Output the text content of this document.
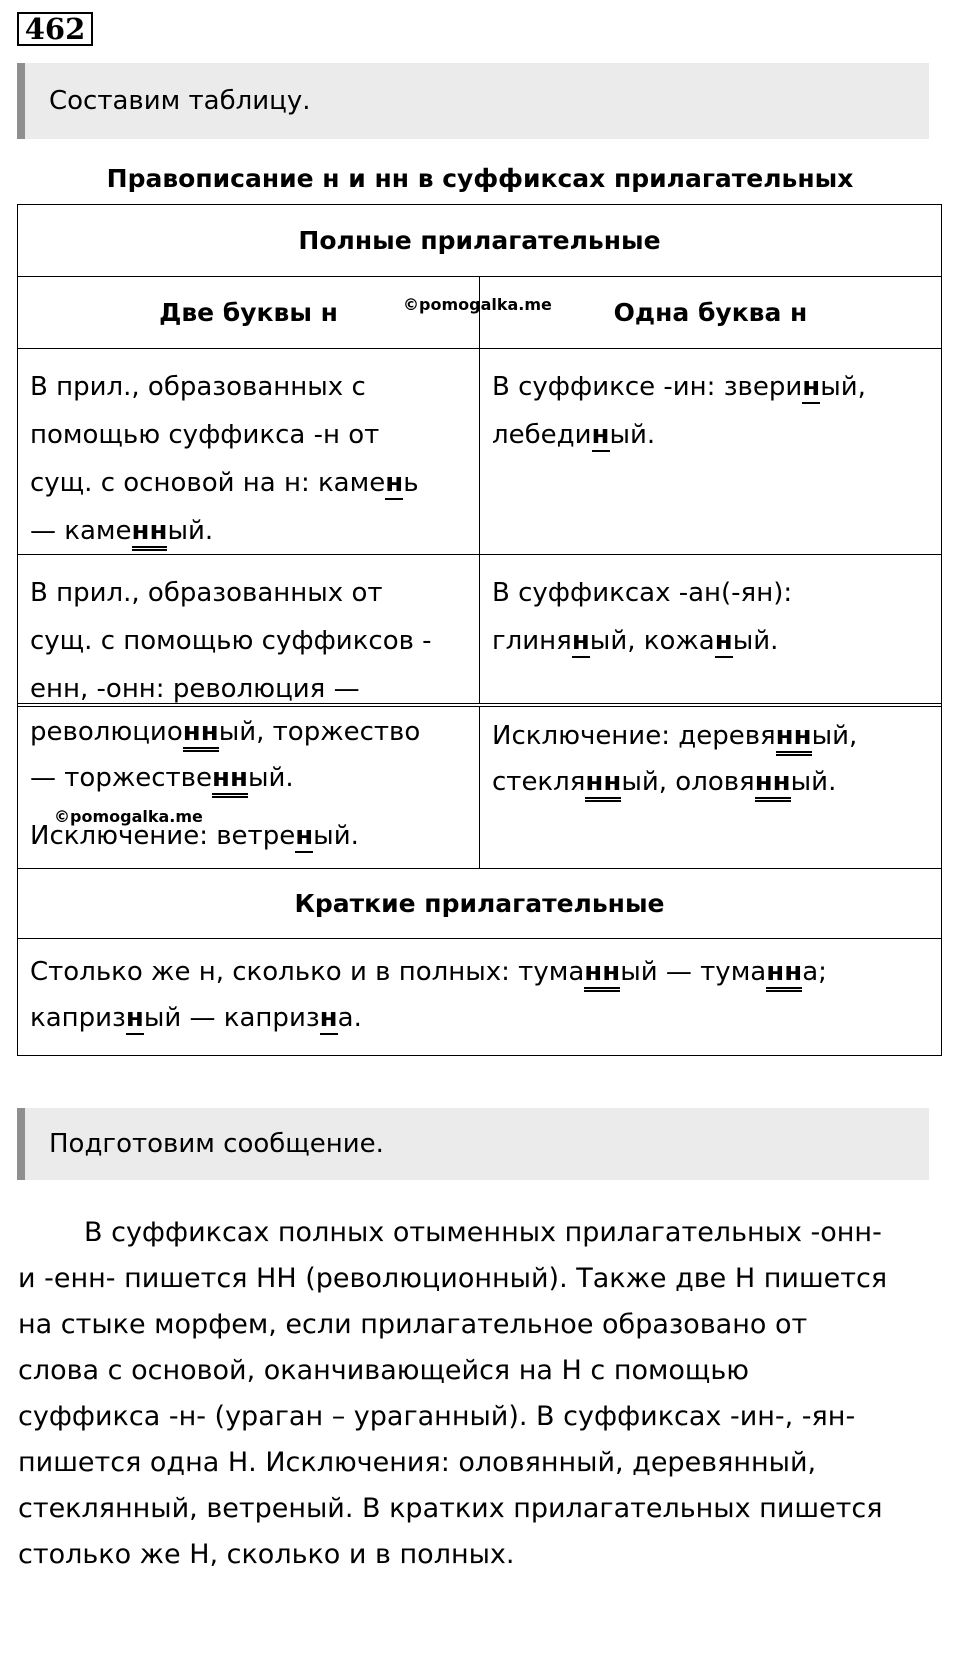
462
Составим таблицу.
Правописание н и нн в суффиксах прилагательных
Полные прилагательные
Две буквы н	Одна буква н
©pomogalka.me
В прил., образованных с
помощью суффикса -н от
сущ. с основой на н: камень
— каменный.
В суффиксе -ин: звериный,
лебединый.
В прил., образованных от
сущ. с помощью суффиксов -
енн, -онн: революция —
В суффиксах -ан(-ян):
глиняный, кожаный.
революционный, торжество
— торжественный.
Исключение: ветреный.
©pomogalka.me
Исключение: деревянный,
стеклянный, оловянный.
Краткие прилагательные
Столько же н, сколько и в полных: туманный — туманна;
капризный — капризна.
Подготовим сообщение.
В суффиксах полных отыменных прилагательных -онн-
и -енн- пишется НН (революционный). Также две Н пишется
на стыке морфем, если прилагательное образовано от
слова с основой, оканчивающейся на Н с помощью
суффикса -н- (ураган – ураганный). В суффиксах -ин-, -ян-
пишется одна Н. Исключения: оловянный, деревянный,
стеклянный, ветреный. В кратких прилагательных пишется
столько же Н, сколько и в полных.
